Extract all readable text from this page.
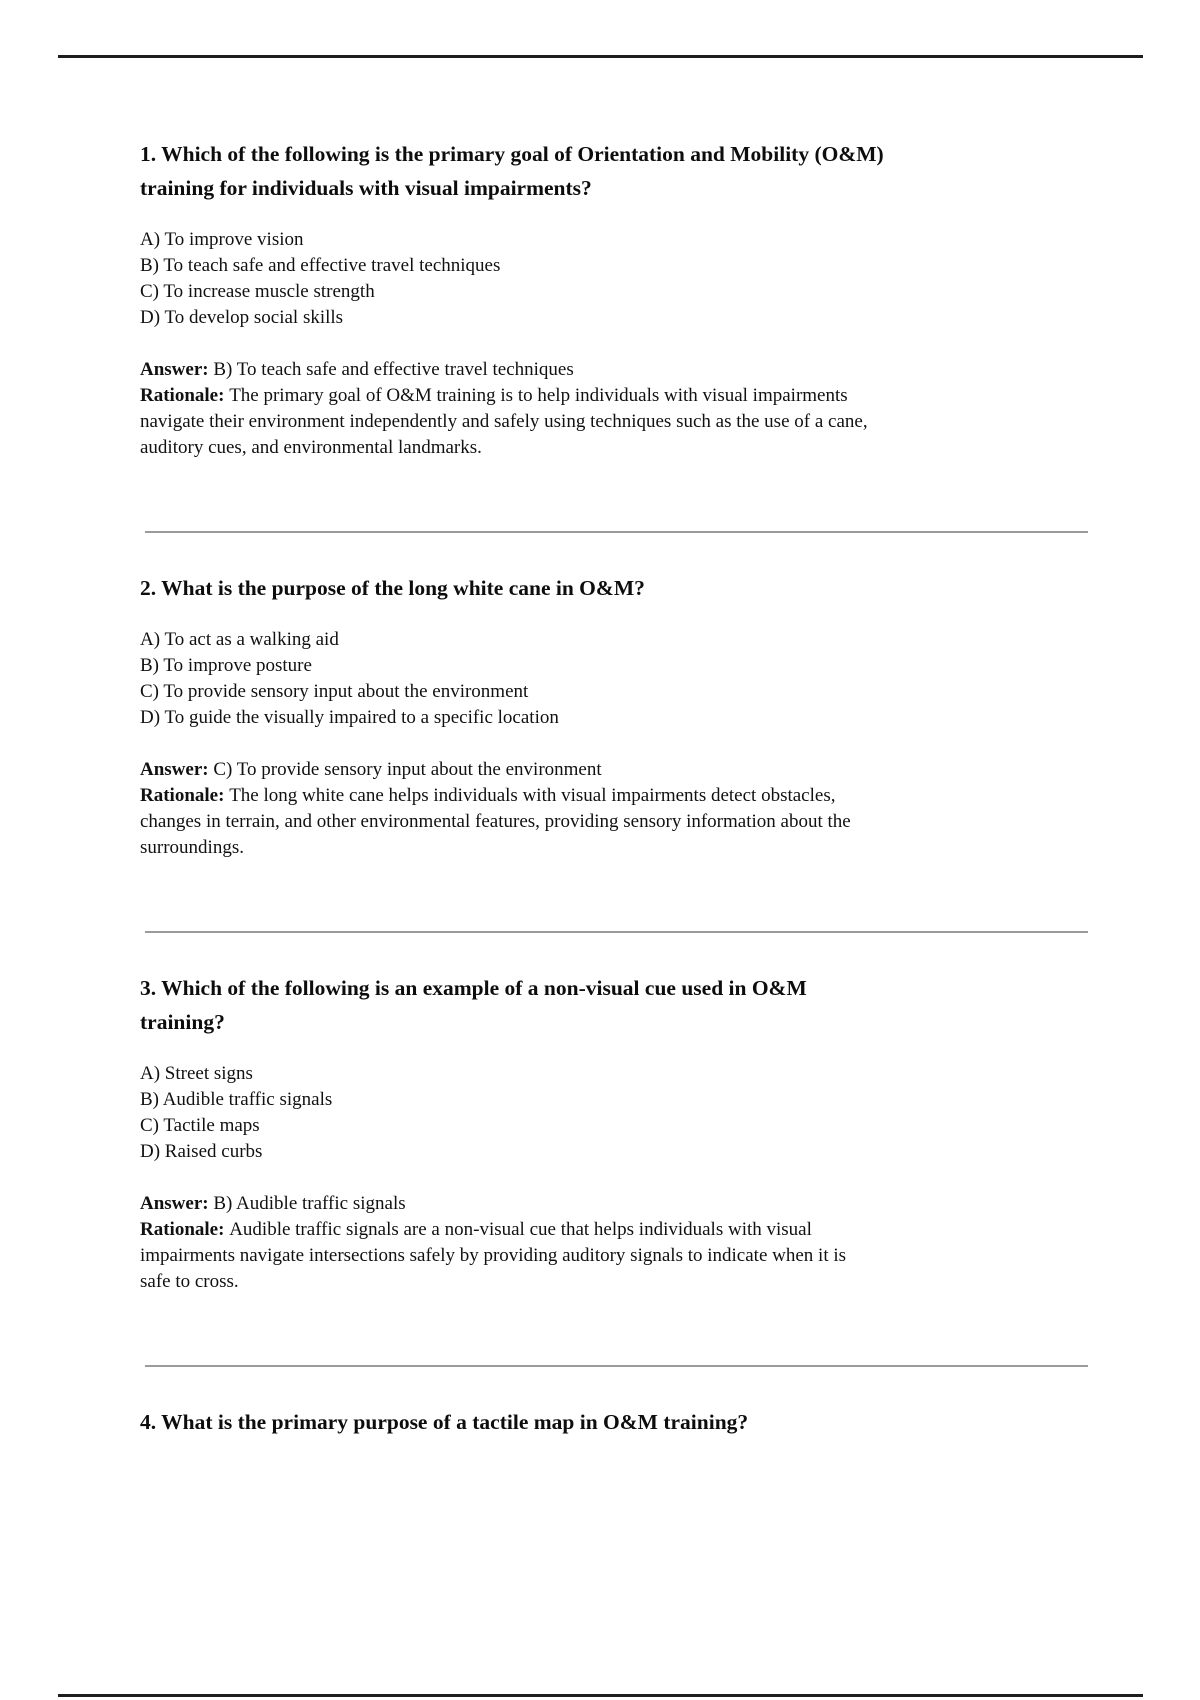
1. Which of the following is the primary goal of Orientation and Mobility (O&M)
training for individuals with visual impairments?

A) To improve vision

B) To teach safe and effective travel techniques

C) To increase muscle strength

D) To develop social skills

Answer: B) To teach safe and effective travel techniques

Rationale: The primary goal of O&M training is to help individuals with visual impairments

navigate their environment independently and safely using techniques such as the use of a cane,

auditory cues, and environmental landmarks.

2. What is the purpose of the long white cane in O&M?

A) To act as a walking aid

B) To improve posture

C) To provide sensory input about the environment

D) To guide the visually impaired to a specific location

Answer: C) To provide sensory input about the environment

Rationale: The long white cane helps individuals with visual impairments detect obstacles,

changes in terrain, and other environmental features, providing sensory information about the

surroundings.

3. Which of the following is an example of a non-visual cue used in O&M
training?

A) Street signs

B) Audible traffic signals

C) Tactile maps

D) Raised curbs

Answer: B) Audible traffic signals

Rationale: Audible traffic signals are a non-visual cue that helps individuals with visual

impairments navigate intersections safely by providing auditory signals to indicate when it is

safe to cross.

4. What is the primary purpose of a tactile map in O&M training?
